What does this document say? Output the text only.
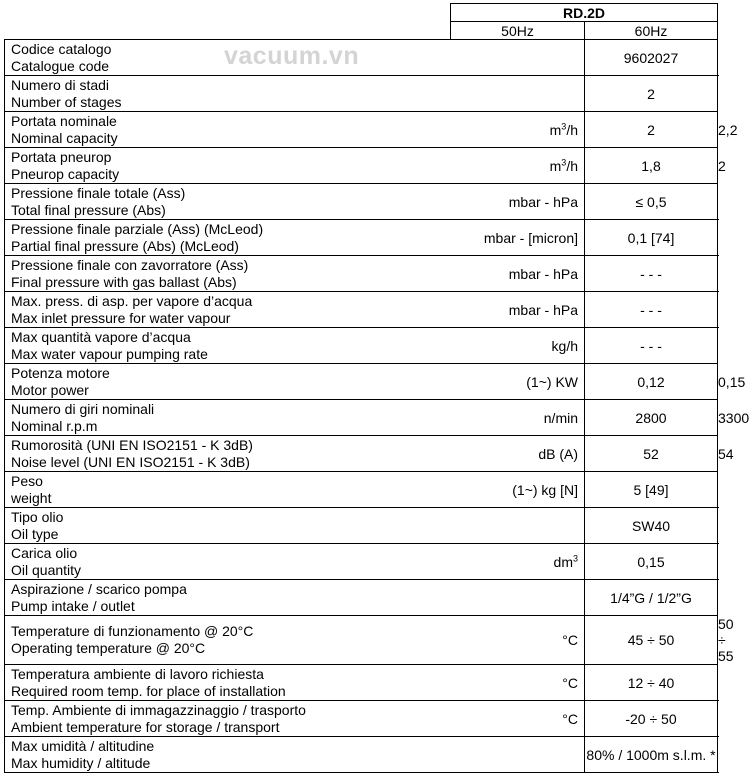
vacuum.vn
	RD.2D		
	50Hz	60Hz	

Codice catalogo
Catalogue code		9602027	

Numero di stadi
Number of stages		2	

Portata nominale
Nominal capacity	$m^3/h$	2	2,2

Portata pneurop
Pneurop capacity	$m^3/h$	1,8	2

Pressione finale totale (Ass)
Total final pressure (Abs)	mbar - hPa	≤ 0,5	

Pressione finale parziale (Ass) (McLeod)
Partial final pressure (Abs) (McLeod)	mbar - [micron]	0,1 [74]	

Pressione finale con zavorratore (Ass)
Final pressure with gas ballast (Abs)	mbar - hPa	- - -	

Max. press. di asp. per vapore d’acqua
Max inlet pressure for water vapour	mbar - hPa	- - -	

Max quantità vapore d’acqua
Max water vapour pumping rate	kg/h	- - -	

Potenza motore
Motor power	(1~) KW	0,12	0,15

Numero di giri nominali
Nominal r.p.m	n/min	2800	3300

Rumorosità (UNI EN ISO2151 - K 3dB)
Noise level (UNI EN ISO2151 - K 3dB)	dB (A)	52	54

Peso
weight	(1~) kg [N]	5 [49]	

Tipo olio
Oil type		SW40	

Carica olio
Oil quantity	$dm^3$	0,15	

Aspirazione / scarico pompa
Pump intake / outlet		1/4”G / 1/2”G	

Temperature di funzionamento @ 20°C
Operating temperature @ 20°C	°C	45 ÷ 50	50 ÷ 55

Temperatura ambiente di lavoro richiesta
Required room temp. for place of installation	°C	12 ÷ 40	

Temp. Ambiente di immagazzinaggio / trasporto
Ambient temperature for storage / transport	°C	-20 ÷ 50	

Max umidità / altitudine
Max humidity / altitude		80% / 1000m s.l.m. *	
